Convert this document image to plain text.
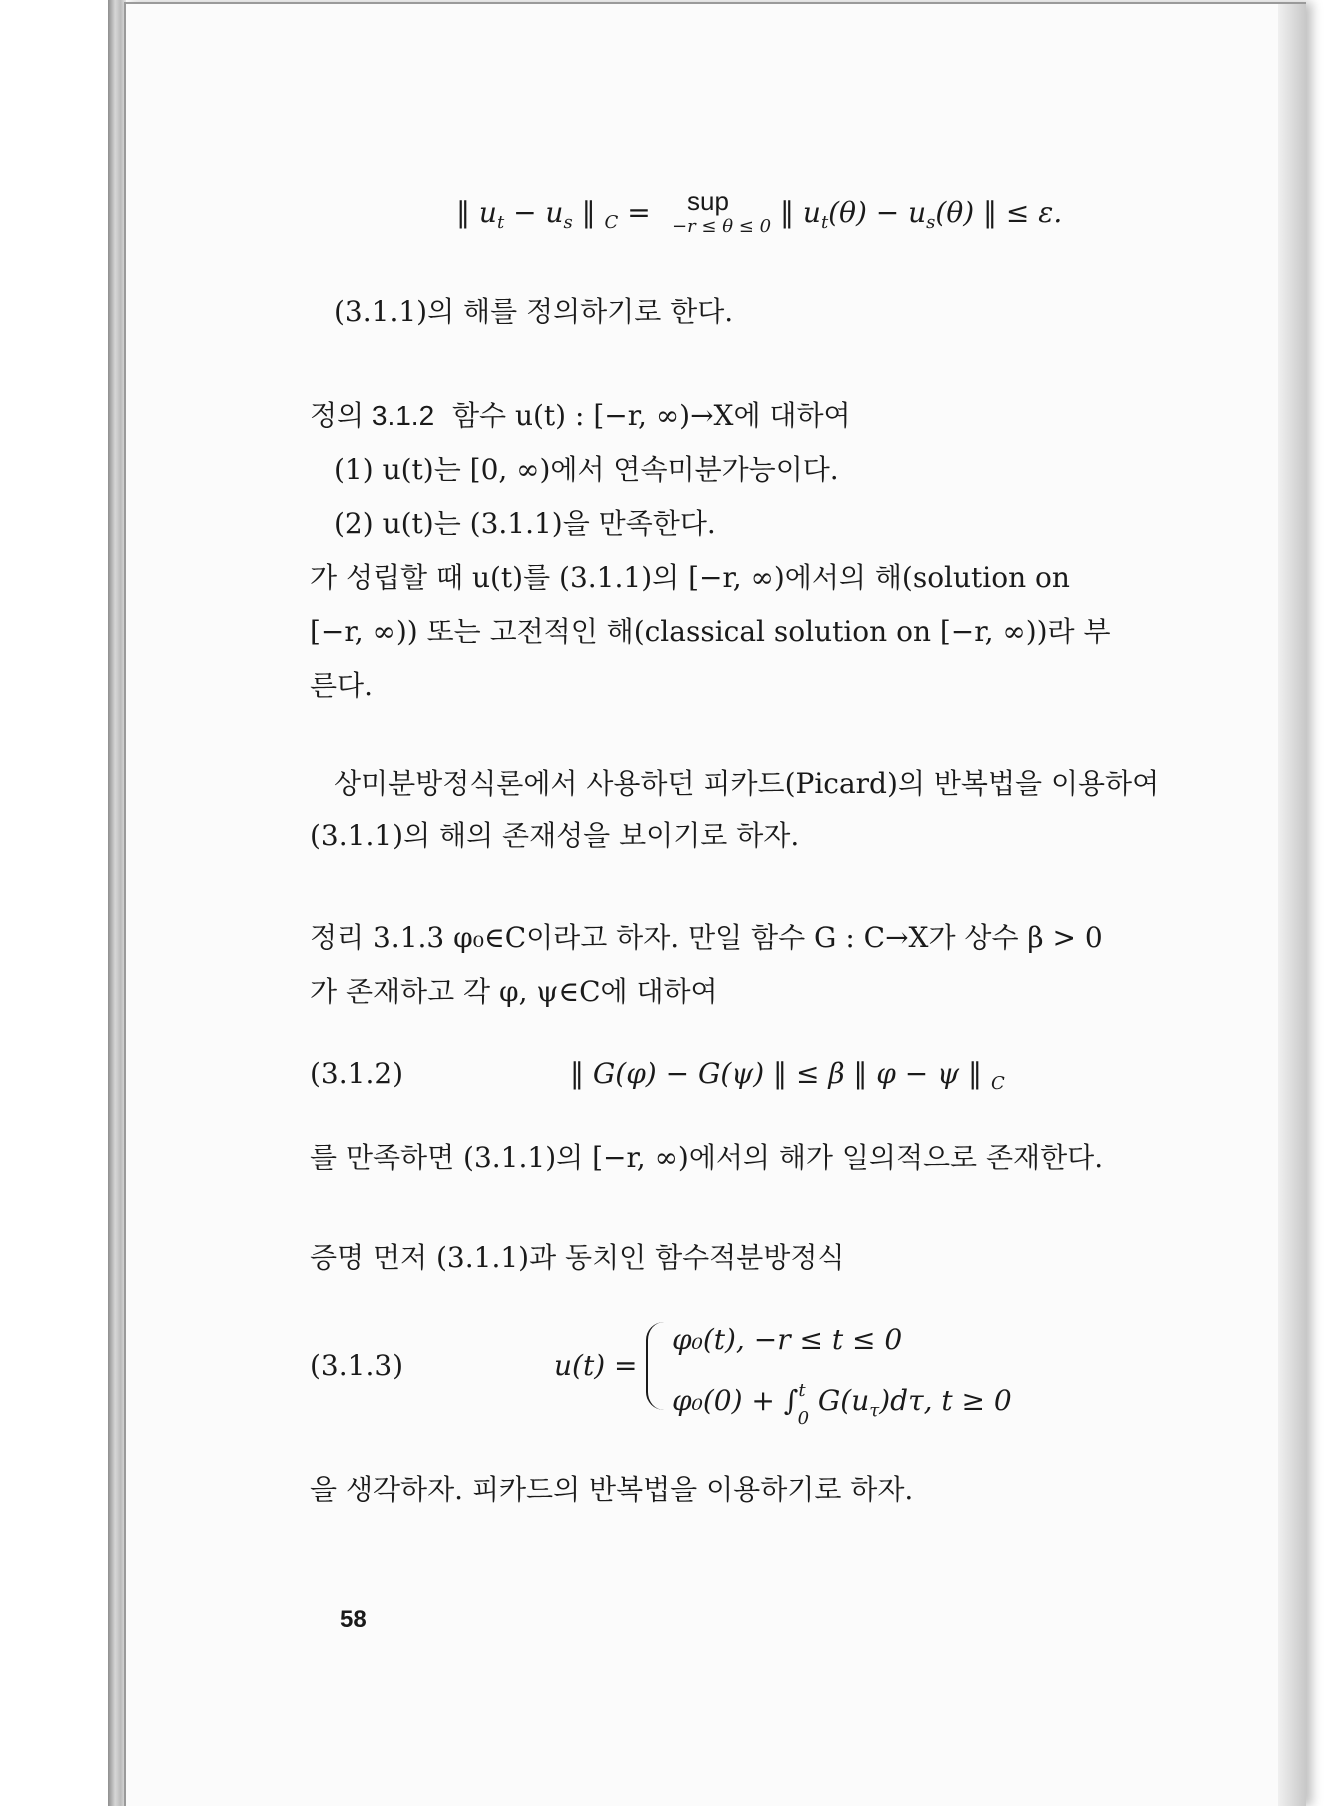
‖ $u_t - u_s$ ‖ $_C$ = sup
−r ≤ θ ≤ 0 ‖ $u_t(\theta) - u_s(\theta)$ ‖ ≤ ε.
(3.1.1)의 해를 정의하기로 한다.
정의 3.1.2 함수 u(t) : [−r, ∞)→X에 대하여
(1) u(t)는 [0, ∞)에서 연속미분가능이다.
(2) u(t)는 (3.1.1)을 만족한다.
가 성립할 때 u(t)를 (3.1.1)의 [−r, ∞)에서의 해(solution on
[−r, ∞)) 또는 고전적인 해(classical solution on [−r, ∞))라 부
른다.
상미분방정식론에서 사용하던 피카드(Picard)의 반복법을 이용하여
(3.1.1)의 해의 존재성을 보이기로 하자.
정리 3.1.3 φ₀∈C이라고 하자. 만일 함수 G : C→X가 상수 β > 0
가 존재하고 각 φ, ψ∈C에 대하여
(3.1.2)	‖ G(φ) − G(ψ) ‖ ≤ β ‖ φ − ψ ‖ $_C$
를 만족하면 (3.1.1)의 [−r, ∞)에서의 해가 일의적으로 존재한다.
증명 먼저 (3.1.1)과 동치인 함수적분방정식
(3.1.3)	u(t) =
φ₀(t), −r ≤ t ≤ 0
φ₀(0) + ∫$^t_0$ $G(u_\tau)d\tau$, t ≥ 0
을 생각하자. 피카드의 반복법을 이용하기로 하자.
58
